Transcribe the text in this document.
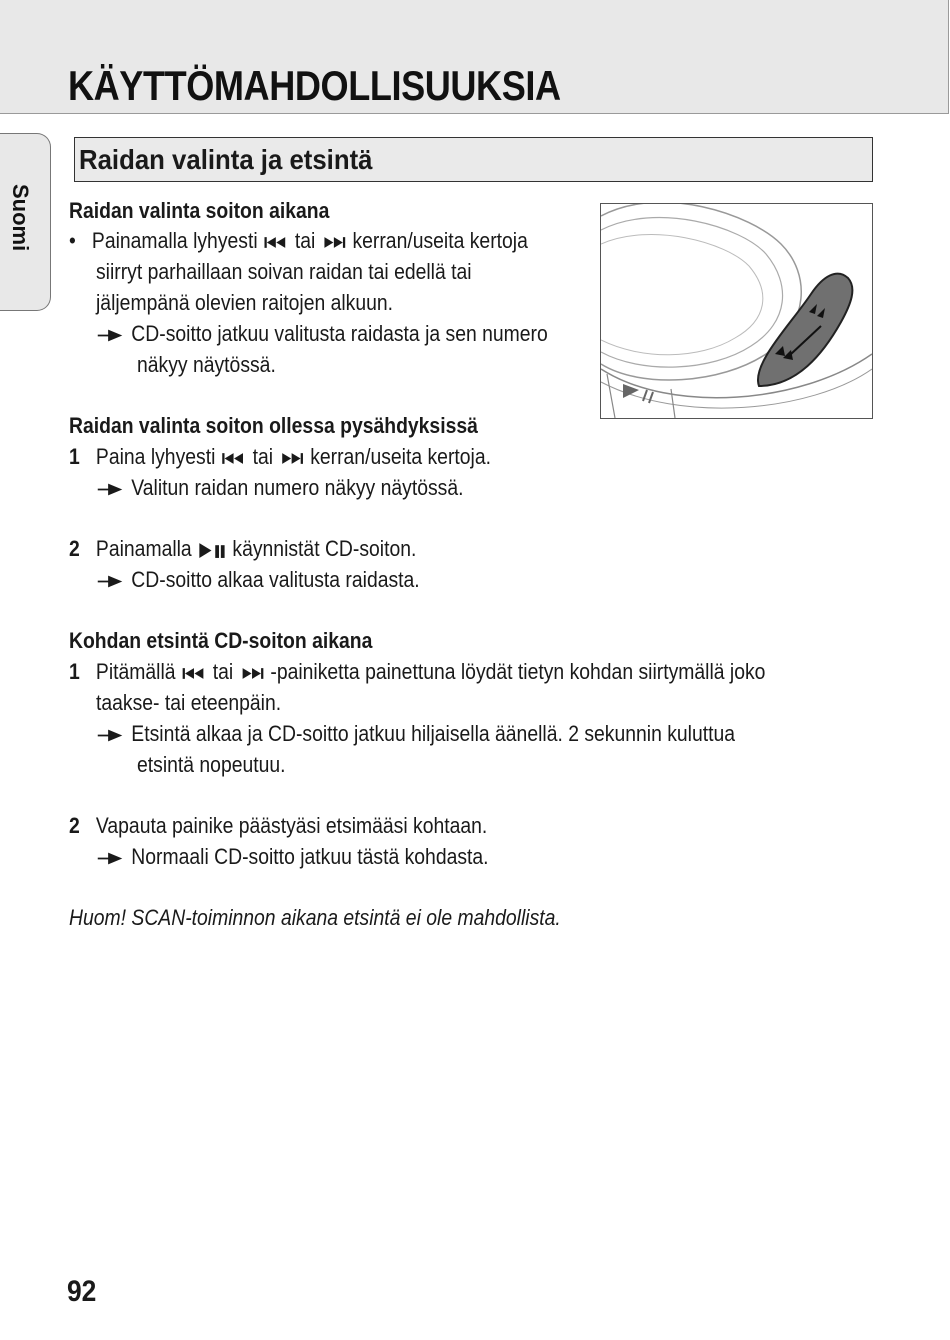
KÄYTTÖMAHDOLLISUUKSIA
Suomi
Raidan valinta ja etsintä
Raidan valinta soiton aikana
• Painamalla lyhyesti tai kerran/useita kertoja
siirryt parhaillaan soivan raidan tai edellä tai
jäljempänä olevien raitojen alkuun.
CD-soitto jatkuu valitusta raidasta ja sen numero
näkyy näytössä.
Raidan valinta soiton ollessa pysähdyksissä
1 Paina lyhyesti tai kerran/useita kertoja.
Valitun raidan numero näkyy näytössä.
2 Painamalla käynnistät CD-soiton.
CD-soitto alkaa valitusta raidasta.
Kohdan etsintä CD-soiton aikana
1 Pitämällä tai -painiketta painettuna löydät tietyn kohdan siirtymällä joko
taakse- tai eteenpäin.
Etsintä alkaa ja CD-soitto jatkuu hiljaisella äänellä. 2 sekunnin kuluttua
etsintä nopeutuu.
2 Vapauta painike päästyäsi etsimääsi kohtaan.
Normaali CD-soitto jatkuu tästä kohdasta.
Huom! SCAN-toiminnon aikana etsintä ei ole mahdollista.
92
